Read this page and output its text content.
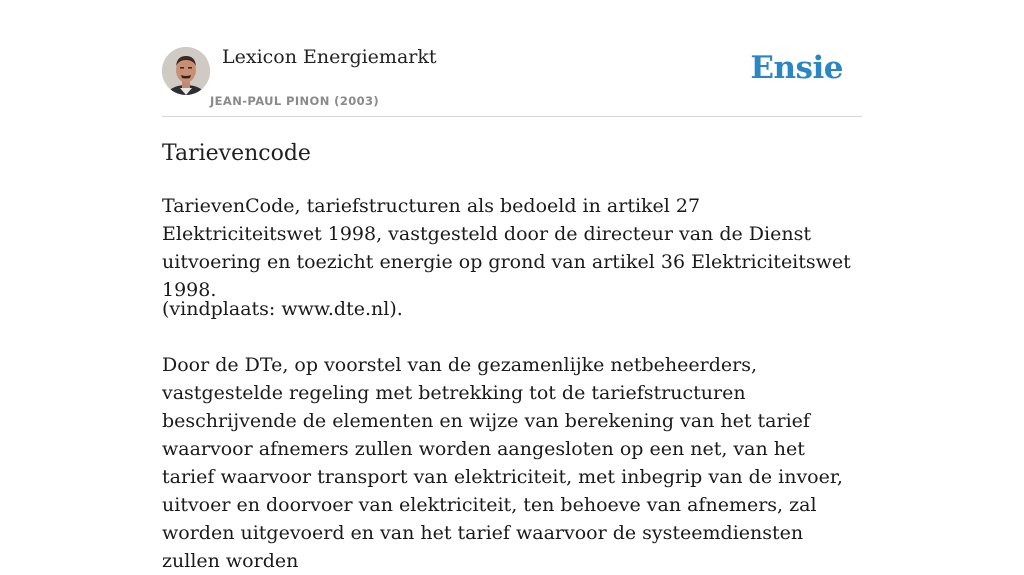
Lexicon Energiemarkt
JEAN-PAUL PINON (2003)
Ensie
Tarievencode

TarievenCode, tariefstructuren als bedoeld in artikel 27 Elektriciteitswet 1998, vastgesteld door de directeur van de Dienst uitvoering en toezicht energie op grond van artikel 36 Elektriciteitswet 1998.

(vindplaats: www.dte.nl).

Door de DTe, op voorstel van de gezamenlijke netbeheerders, vastgestelde regeling met betrekking tot de tariefstructuren beschrijvende de elementen en wijze van berekening van het tarief waarvoor afnemers zullen worden aangesloten op een net, van het tarief waarvoor transport van elektriciteit, met inbegrip van de invoer, uitvoer en doorvoer van elektriciteit, ten behoeve van afnemers, zal worden uitgevoerd en van het tarief waarvoor de systeemdiensten zullen worden
